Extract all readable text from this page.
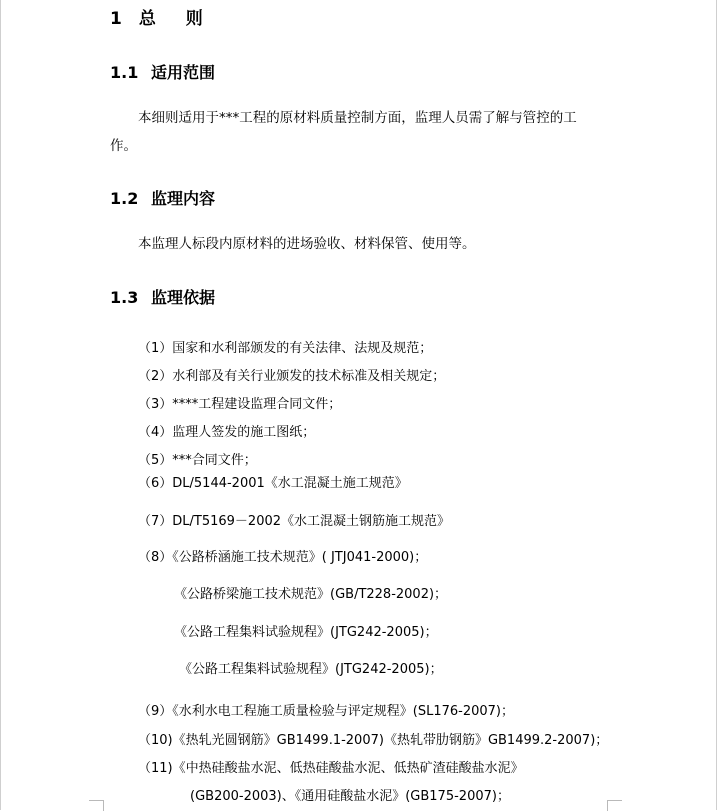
1 总 则
1.1 适用范围
本细则适用于***工程的原材料质量控制方面，监理人员需了解与管控的工
作。
1.2 监理内容
本监理人标段内原材料的进场验收、材料保管、使用等。
1.3 监理依据
（1）国家和水利部颁发的有关法律、法规及规范；
（2）水利部及有关行业颁发的技术标准及相关规定；
（3）****工程建设监理合同文件；
（4）监理人签发的施工图纸；
（5）***合同文件；
（6）DL/5144-2001《水工混凝土施工规范》
（7）DL/T5169－2002《水工混凝土钢筋施工规范》
（8）《公路桥涵施工技术规范》( JTJ041-2000)；
《公路桥梁施工技术规范》(GB/T228-2002)；
《公路工程集料试验规程》(JTG242-2005)；
《公路工程集料试验规程》(JTG242-2005)；
（9）《水利水电工程施工质量检验与评定规程》(SL176-2007)；
（10)《热轧光圆钢筋》GB1499.1-2007)《热轧带肋钢筋》GB1499.2-2007)；
（11)《中热硅酸盐水泥、低热硅酸盐水泥、低热矿渣硅酸盐水泥》
(GB200-2003)、《通用硅酸盐水泥》(GB175-2007)；
